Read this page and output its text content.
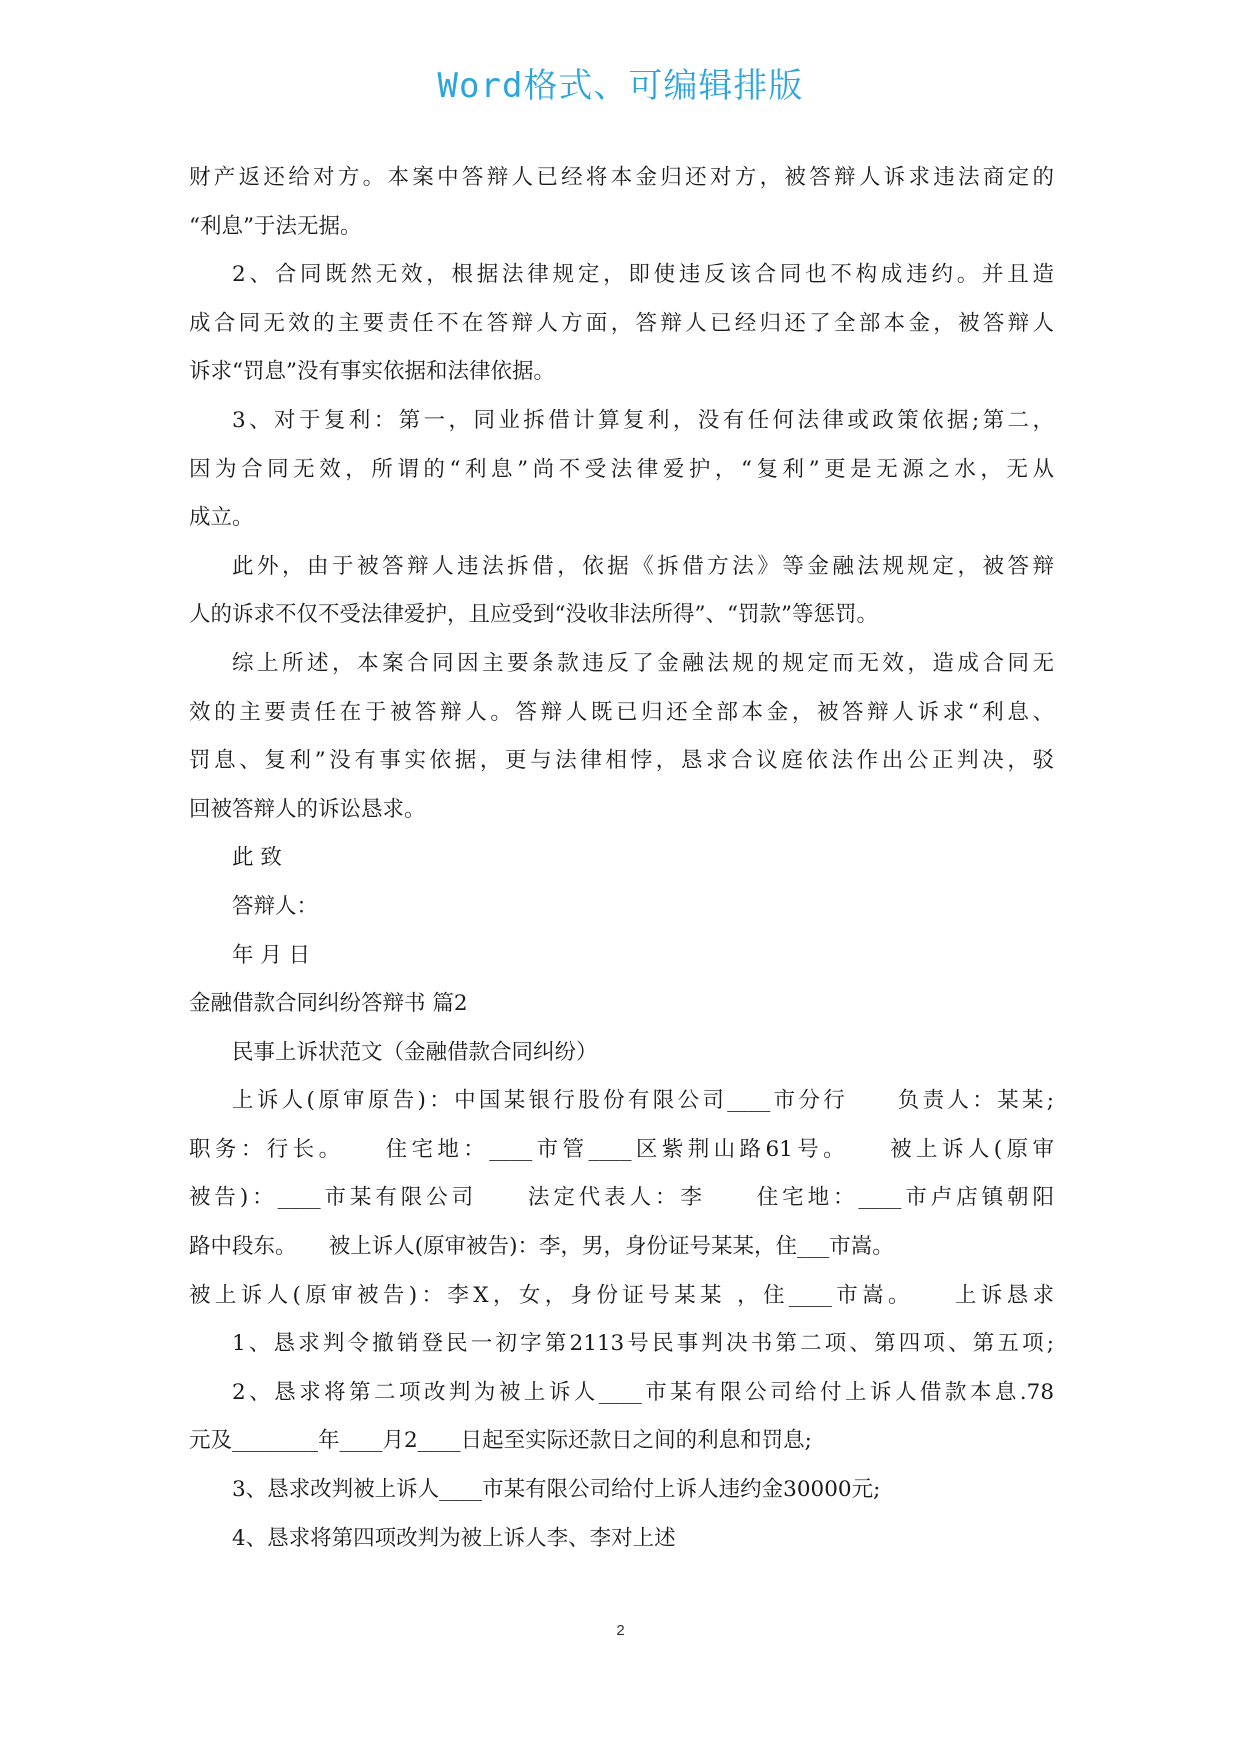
Word格式、可编辑排版
财产返还给对方。本案中答辩人已经将本金归还对方，被答辩人诉求违法商定的
“利息”于法无据。
2、合同既然无效，根据法律规定，即使违反该合同也不构成违约。并且造
成合同无效的主要责任不在答辩人方面，答辩人已经归还了全部本金，被答辩人
诉求“罚息”没有事实依据和法律依据。
3、对于复利：第一，同业拆借计算复利，没有任何法律或政策依据;第二，
因为合同无效，所谓的“利息”尚不受法律爱护，“复利”更是无源之水，无从
成立。
此外，由于被答辩人违法拆借，依据《拆借方法》等金融法规规定，被答辩
人的诉求不仅不受法律爱护，且应受到“没收非法所得”、“罚款”等惩罚。
综上所述，本案合同因主要条款违反了金融法规的规定而无效，造成合同无
效的主要责任在于被答辩人。答辩人既已归还全部本金，被答辩人诉求“利息、
罚息、复利”没有事实依据，更与法律相悖，恳求合议庭依法作出公正判决，驳
回被答辩人的诉讼恳求。
此 致
答辩人：
年 月 日
金融借款合同纠纷答辩书 篇2
民事上诉状范文（金融借款合同纠纷）
上诉人(原审原告)：中国某银行股份有限公司____市分行　　负责人：某某;
职务：行长。　　住宅地：____市管____区紫荆山路61号。　　被上诉人(原审
被告)：____市某有限公司　　法定代表人：李　　住宅地：____市卢店镇朝阳
路中段东。　　被上诉人(原审被告)：李，男，身份证号某某，住___市嵩。
被上诉人(原审被告)：李X，女，身份证号某某 ，住____市嵩。　　上诉恳求
1、恳求判令撤销登民一初字第2113号民事判决书第二项、第四项、第五项;
2、恳求将第二项改判为被上诉人____市某有限公司给付上诉人借款本息.78
元及________年____月2____日起至实际还款日之间的利息和罚息;
3、恳求改判被上诉人____市某有限公司给付上诉人违约金30000元;
4、恳求将第四项改判为被上诉人李、李对上述
2
